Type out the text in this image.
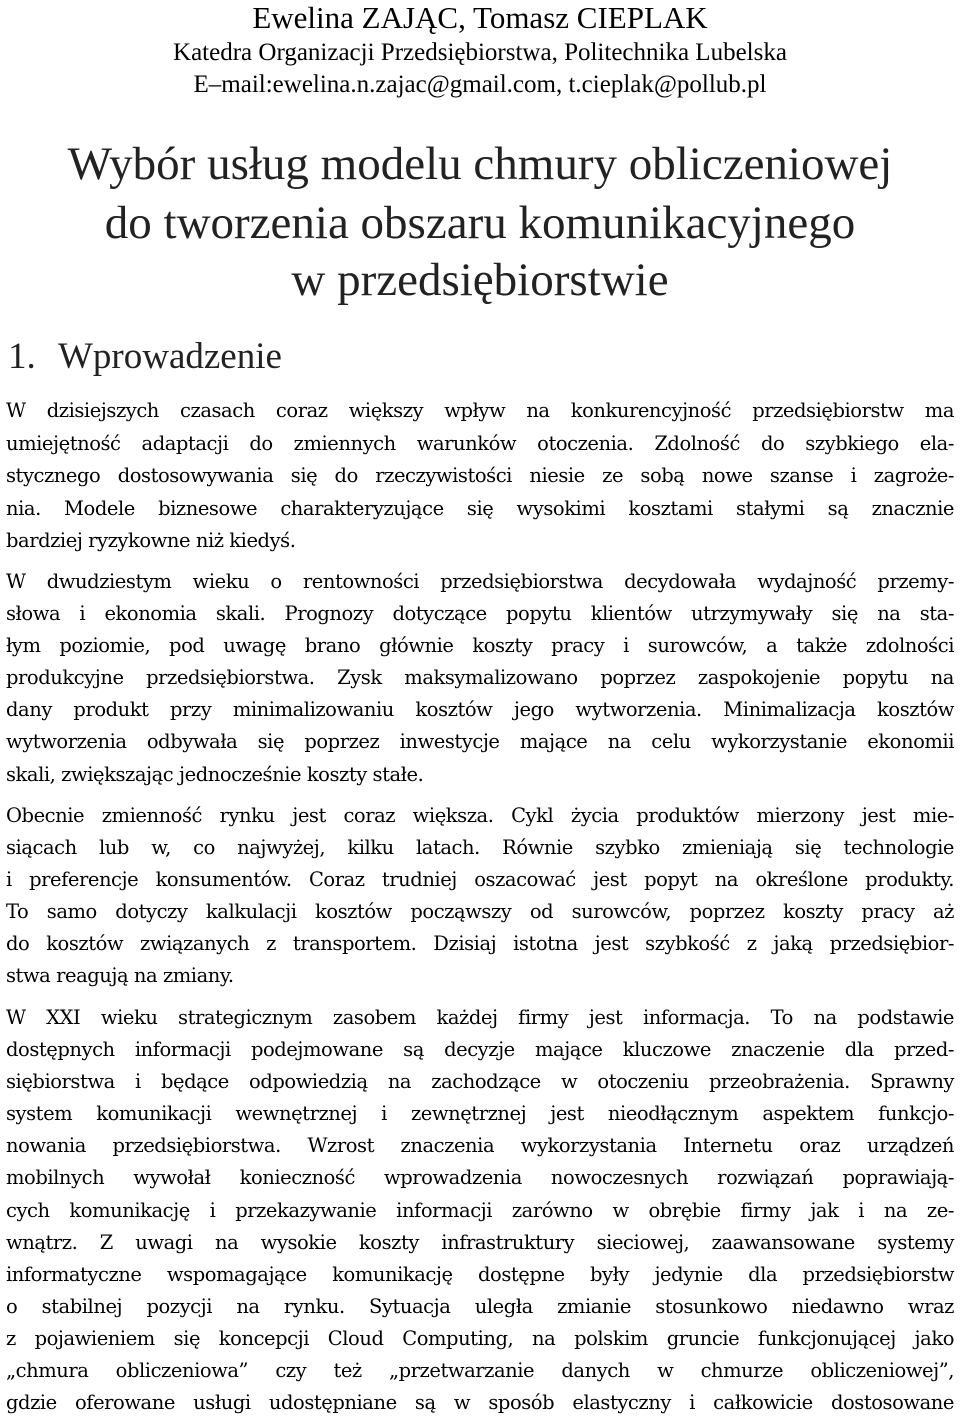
Ewelina ZAJĄC, Tomasz CIEPLAK
Katedra Organizacji Przedsiębiorstwa, Politechnika Lubelska
E–mail:ewelina.n.zajac@gmail.com, t.cieplak@pollub.pl
Wybór usług modelu chmury obliczeniowej
do tworzenia obszaru komunikacyjnego
w przedsiębiorstwie
1. Wprowadzenie
W dzisiejszych czasach coraz większy wpływ na konkurencyjność przedsiębiorstw ma
umiejętność adaptacji do zmiennych warunków otoczenia. Zdolność do szybkiego ela-
stycznego dostosowywania się do rzeczywistości niesie ze sobą nowe szanse i zagroże-
nia. Modele biznesowe charakteryzujące się wysokimi kosztami stałymi są znacznie
bardziej ryzykowne niż kiedyś.
W dwudziestym wieku o rentowności przedsiębiorstwa decydowała wydajność przemy-
słowa i ekonomia skali. Prognozy dotyczące popytu klientów utrzymywały się na sta-
łym poziomie, pod uwagę brano głównie koszty pracy i surowców, a także zdolności
produkcyjne przedsiębiorstwa. Zysk maksymalizowano poprzez zaspokojenie popytu na
dany produkt przy minimalizowaniu kosztów jego wytworzenia. Minimalizacja kosztów
wytworzenia odbywała się poprzez inwestycje mające na celu wykorzystanie ekonomii
skali, zwiększając jednocześnie koszty stałe.
Obecnie zmienność rynku jest coraz większa. Cykl życia produktów mierzony jest mie-
siącach lub w, co najwyżej, kilku latach. Równie szybko zmieniają się technologie
i preferencje konsumentów. Coraz trudniej oszacować jest popyt na określone produkty.
To samo dotyczy kalkulacji kosztów począwszy od surowców, poprzez koszty pracy aż
do kosztów związanych z transportem. Dzisiaj istotna jest szybkość z jaką przedsiębior-
stwa reagują na zmiany.
W XXI wieku strategicznym zasobem każdej firmy jest informacja. To na podstawie
dostępnych informacji podejmowane są decyzje mające kluczowe znaczenie dla przed-
siębiorstwa i będące odpowiedzią na zachodzące w otoczeniu przeobrażenia. Sprawny
system komunikacji wewnętrznej i zewnętrznej jest nieodłącznym aspektem funkcjo-
nowania przedsiębiorstwa. Wzrost znaczenia wykorzystania Internetu oraz urządzeń
mobilnych wywołał konieczność wprowadzenia nowoczesnych rozwiązań poprawiają-
cych komunikację i przekazywanie informacji zarówno w obrębie firmy jak i na ze-
wnątrz. Z uwagi na wysokie koszty infrastruktury sieciowej, zaawansowane systemy
informatyczne wspomagające komunikację dostępne były jedynie dla przedsiębiorstw
o stabilnej pozycji na rynku. Sytuacja uległa zmianie stosunkowo niedawno wraz
z pojawieniem się koncepcji Cloud Computing, na polskim gruncie funkcjonującej jako
„chmura obliczeniowa” czy też „przetwarzanie danych w chmurze obliczeniowej”,
gdzie oferowane usługi udostępniane są w sposób elastyczny i całkowicie dostosowane
